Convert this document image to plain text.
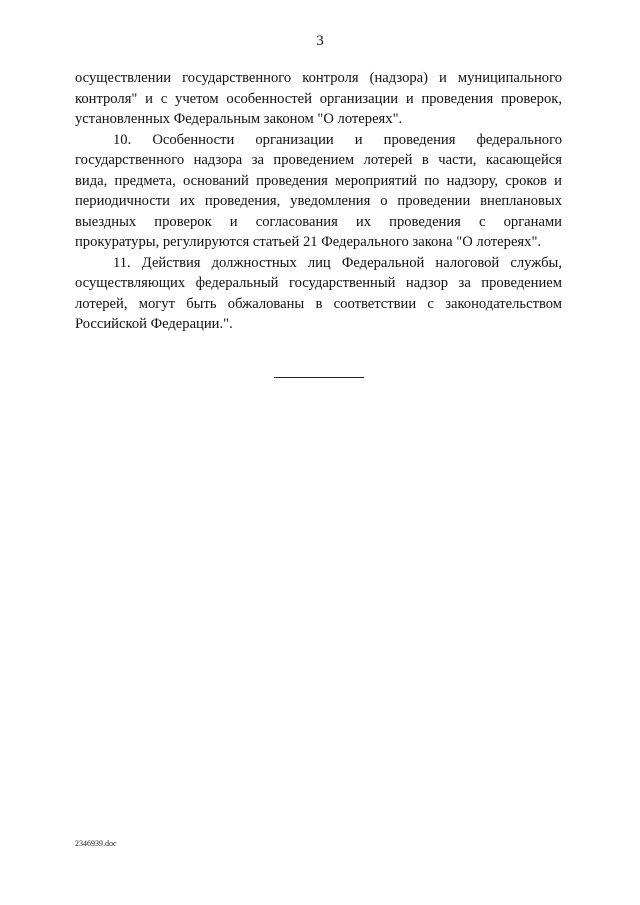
3
осуществлении государственного контроля (надзора) и муниципального
контроля" и с учетом особенностей организации и проведения проверок,
установленных Федеральным законом "О лотереях".
10. Особенности организации и проведения федерального
государственного надзора за проведением лотерей в части, касающейся
вида, предмета, оснований проведения мероприятий по надзору, сроков и
периодичности их проведения, уведомления о проведении внеплановых
выездных проверок и согласования их проведения с органами
прокуратуры, регулируются статьей 21 Федерального закона "О лотереях".
11. Действия должностных лиц Федеральной налоговой службы,
осуществляющих федеральный государственный надзор за проведением
лотерей, могут быть обжалованы в соответствии с законодательством
Российской Федерации.".
2346939.doc
